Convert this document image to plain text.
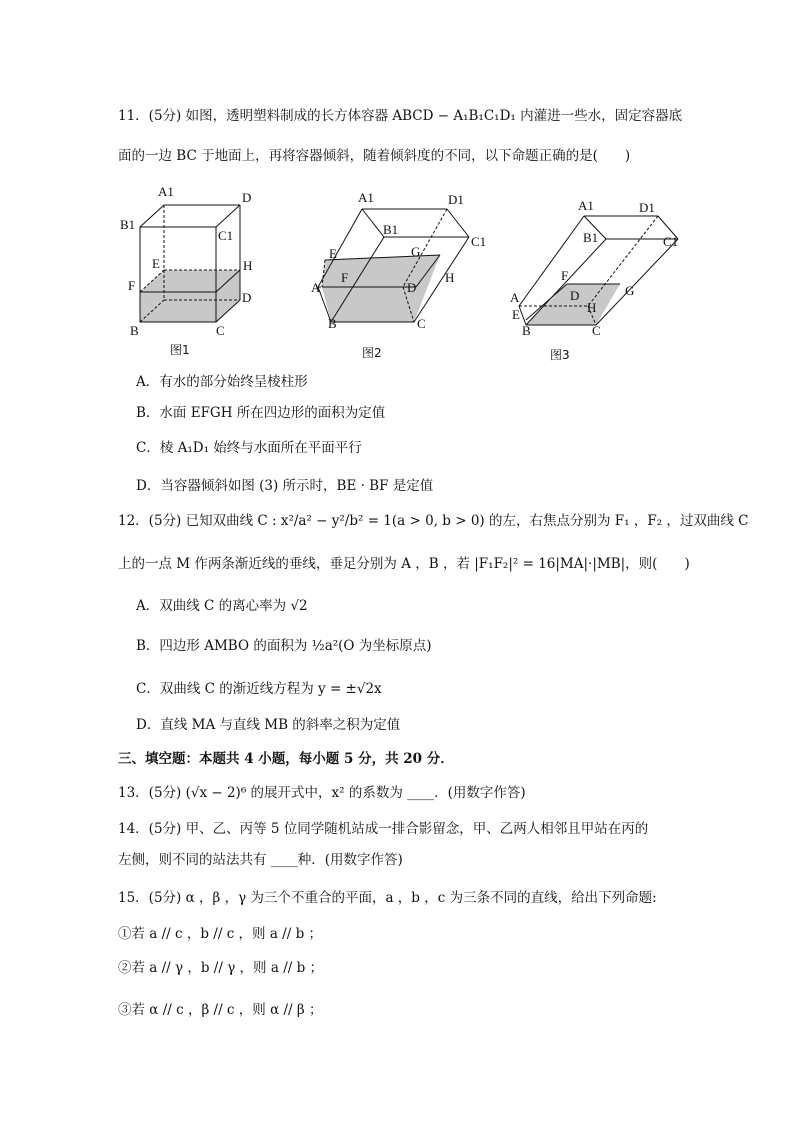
11．(5分) 如图，透明塑料制成的长方体容器 ABCD − A₁B₁C₁D₁ 内灌进一些水，固定容器底
面的一边 BC 于地面上，再将容器倾斜，随着倾斜度的不同，以下命题正确的是(　　)
A1	D
B1
C1
E	H
F
D
B	C
图1
A1	D1
B1
C1
E	G
F	H
A	D
B	C
图2
A1	D1
B1	C1
F
D	G
A
H
E
B	C
图3
A．有水的部分始终呈棱柱形
B．水面 EFGH 所在四边形的面积为定值
C．棱 A₁D₁ 始终与水面所在平面平行
D．当容器倾斜如图 (3) 所示时，BE · BF 是定值
12．(5分) 已知双曲线 C : x²/a² − y²/b² = 1(a > 0, b > 0) 的左，右焦点分别为 F₁ ，F₂ ，过双曲线 C
上的一点 M 作两条渐近线的垂线，垂足分别为 A ，B ，若 |F₁F₂|² = 16|MA|·|MB|，则(　　)
A．双曲线 C 的离心率为 √2
B．四边形 AMBO 的面积为 ½a²(O 为坐标原点)
C．双曲线 C 的渐近线方程为 y = ±√2x
D．直线 MA 与直线 MB 的斜率之积为定值
三、填空题：本题共 4 小题，每小题 5 分，共 20 分．
13．(5分) (√x − 2)⁶ 的展开式中，x² 的系数为 ____．(用数字作答)
14．(5分) 甲、乙、丙等 5 位同学随机站成一排合影留念，甲、乙两人相邻且甲站在丙的
左侧，则不同的站法共有 ____种．(用数字作答)
15．(5分) α ，β ，γ 为三个不重合的平面，a ，b ，c 为三条不同的直线，给出下列命题:
①若 a // c ，b // c ，则 a // b ；
②若 a // γ ，b // γ ，则 a // b ；
③若 α // c ，β // c ，则 α // β ；
